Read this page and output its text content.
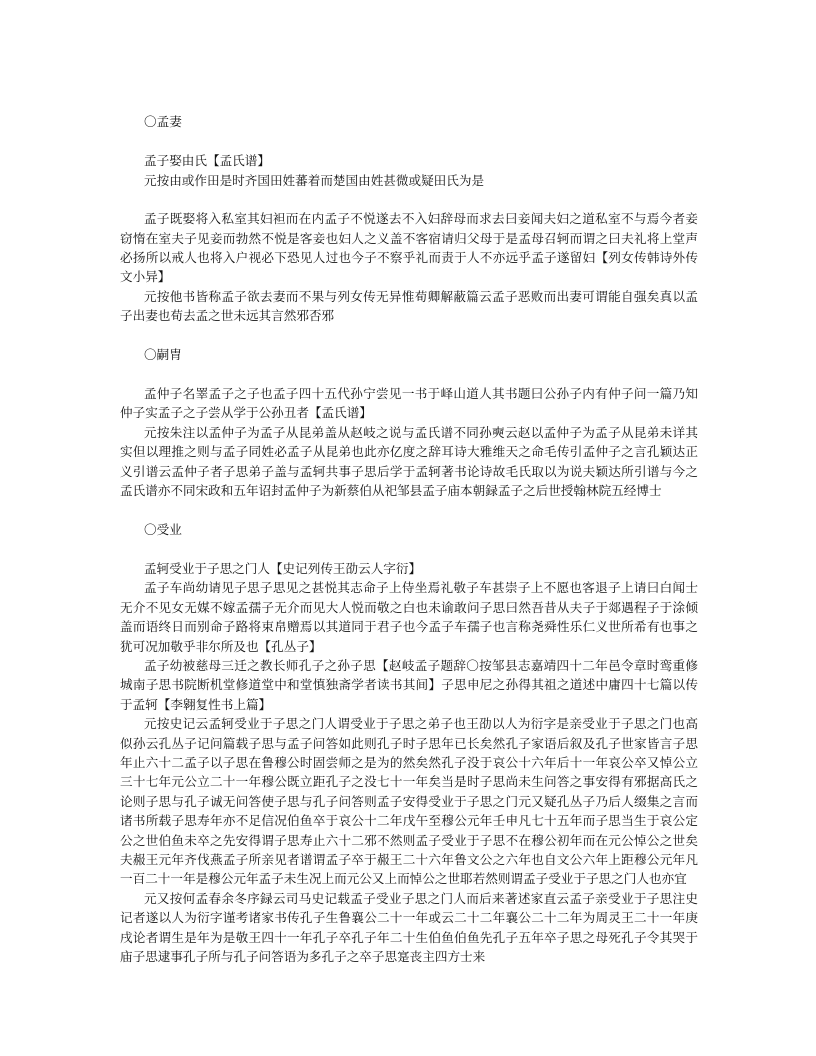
〇孟妻
孟子娶由氏【孟氏谱】
元按由或作田是时齐国田姓蕃着而楚国由姓甚微或疑田氏为是
孟子既娶将入私室其妇袒而在内孟子不悦遂去不入妇辞母而求去曰妾闻夫妇之道私室不与焉今者妾窃惰在室夫子见妾而勃然不悦是客妾也妇人之义盖不客宿请归父母于是孟母召轲而谓之曰夫礼将上堂声必扬所以戒人也将入户视必下恐见人过也今子不察乎礼而责于人不亦远乎孟子遂留妇【列女传韩诗外传文小异】
元按他书皆称孟子欲去妻而不果与列女传无异惟荀卿解蔽篇云孟子恶败而出妻可谓能自强矣真以孟子出妻也荀去孟之世未远其言然邪否邪
〇嗣胄
孟仲子名睪孟子之子也孟子四十五代孙宁尝见一书于峄山道人其书题曰公孙子内有仲子问一篇乃知仲子实孟子之子尝从学于公孙丑者【孟氏谱】
元按朱注以孟仲子为孟子从昆弟盖从赵岐之说与孟氏谱不同孙奭云赵以孟仲子为孟子从昆弟未详其实但以理推之则与孟子同姓必孟子从昆弟也此亦亿度之辞耳诗大雅维天之命毛传引孟仲子之言孔颖达正义引谱云孟仲子者子思弟子盖与孟轲共事子思后学于孟轲著书论诗故毛氏取以为说夫颖达所引谱与今之孟氏谱亦不同宋政和五年诏封孟仲子为新蔡伯从祀邹县孟子庙本朝録孟子之后世授翰林院五经博士
〇受业
孟轲受业于子思之门人【史记列传王劭云人字衍】
孟子车尚幼请见子思子思见之甚悦其志命子上侍坐焉礼敬子车甚崇子上不愿也客退子上请曰白闻士无介不见女无媒不嫁孟孺子无介而见大人悦而敬之白也未谕敢问子思曰然吾昔从夫子于郯遇程子于涂倾盖而语终日而别命子路将束帛赠焉以其道同于君子也今孟子车孺子也言称尧舜性乐仁义世所希有也事之犹可况加敬乎非尔所及也【孔丛子】
孟子幼被慈母三迁之教长师孔子之孙子思【赵岐孟子题辞〇按邹县志嘉靖四十二年邑令章时鸾重修城南子思书院断机堂修道堂中和堂慎独斋学者读书其间】子思申尼之孙得其祖之道述中庸四十七篇以传于孟轲【李翱复性书上篇】
元按史记云孟轲受业于子思之门人谓受业于子思之弟子也王劭以人为衍字是亲受业于子思之门也高似孙云孔丛子记问篇载子思与孟子问答如此则孔子时子思年已长矣然孔子家语后叙及孔子世家皆言子思年止六十二孟子以子思在鲁穆公时固尝师之是为的然矣然孔子没于哀公十六年后十一年哀公卒又悼公立三十七年元公立二十一年穆公既立距孔子之没七十一年矣当是时子思尚未生问答之事安得有邪据高氏之论则子思与孔子诚无问答使子思与孔子问答则孟子安得受业于子思之门元又疑孔丛子乃后人缀集之言而诸书所载子思寿年亦不足信况伯鱼卒于哀公十二年戊午至穆公元年壬申凡七十五年而子思当生于哀公定公之世伯鱼未卒之先安得谓子思寿止六十二邪不然则孟子受业于子思不在穆公初年而在元公悼公之世矣夫赧王元年齐伐燕孟子所亲见者谱谓孟子卒于赧王二十六年鲁文公之六年也自文公六年上距穆公元年凡一百二十一年是穆公元年孟子未生况上而元公又上而悼公之世耶若然则谓孟子受业于子思之门人也亦宜
元又按何孟春余冬序録云司马史记载孟子受业子思之门人而后来著述家直云孟子亲受业于子思注史记者遂以人为衍字谨考诸家书传孔子生鲁襄公二十一年或云二十二年襄公二十二年为周灵王二十一年庚戌论者谓生是年为是敬王四十一年孔子卒孔子年二十生伯鱼伯鱼先孔子五年卒子思之母死孔子令其哭于庙子思逮事孔子所与孔子问答语为多孔子之卒子思寔丧主四方士来
